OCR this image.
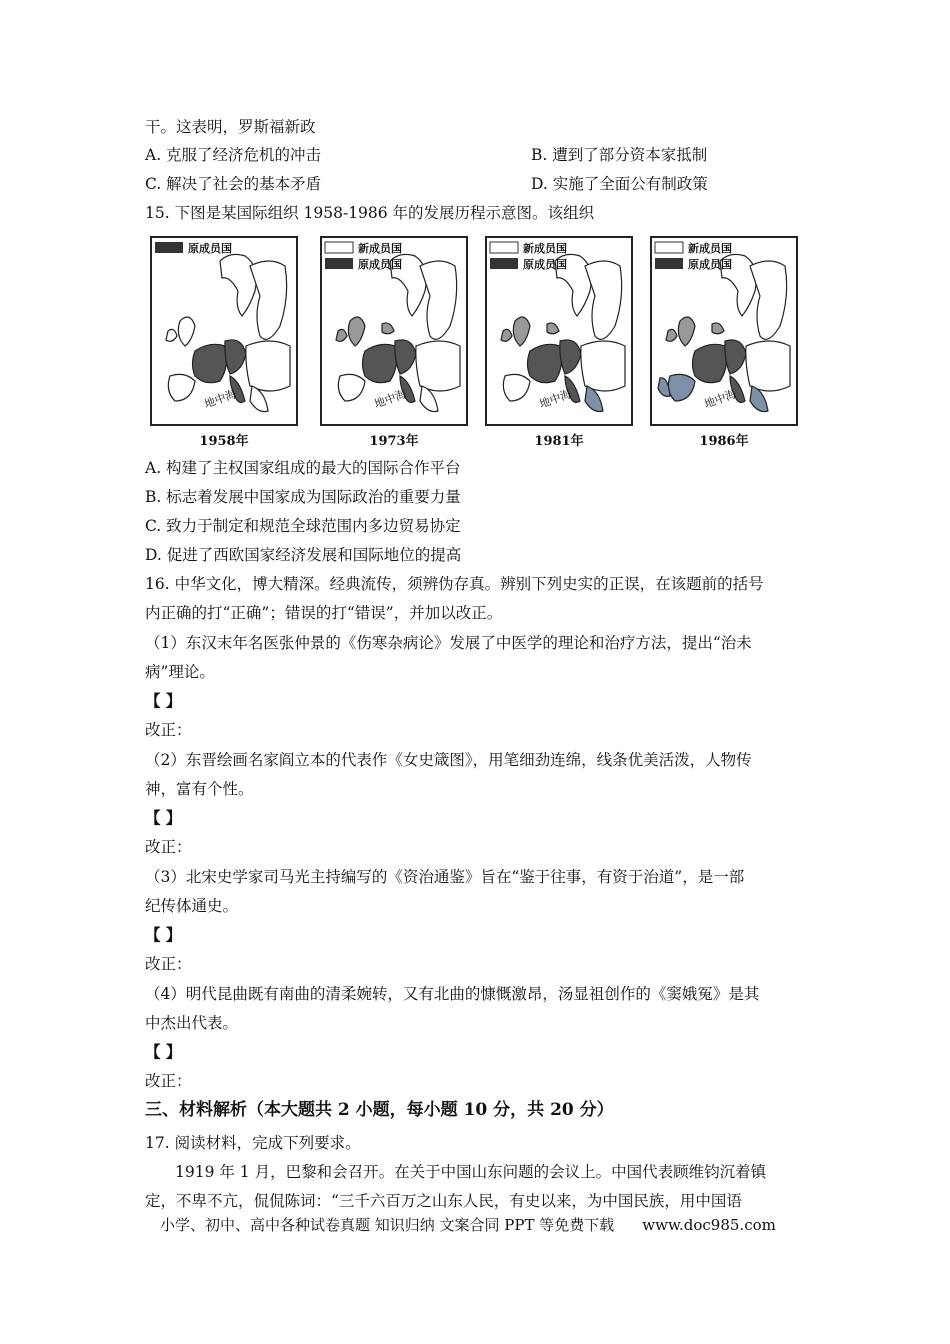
干。这表明，罗斯福新政
A. 克服了经济危机的冲击	B. 遭到了部分资本家抵制
C. 解决了社会的基本矛盾	D. 实施了全面公有制政策
15. 下图是某国际组织 1958-1986 年的发展历程示意图。该组织
原成员国
地中海
1958年
新成员国
原成员国
地中海
1973年
新成员国
原成员国
地中海
1981年
新成员国
原成员国
地中海
1986年
A. 构建了主权国家组成的最大的国际合作平台
B. 标志着发展中国家成为国际政治的重要力量
C. 致力于制定和规范全球范围内多边贸易协定
D. 促进了西欧国家经济发展和国际地位的提高
16. 中华文化，博大精深。经典流传，须辨伪存真。辨别下列史实的正误，在该题前的括号
内正确的打“正确”；错误的打“错误”，并加以改正。
（1）东汉末年名医张仲景的《伤寒杂病论》发展了中医学的理论和治疗方法，提出“治未
病”理论。
【 】
改正：
（2）东晋绘画名家阎立本的代表作《女史箴图》，用笔细劲连绵，线条优美活泼，人物传
神，富有个性。
【 】
改正：
（3）北宋史学家司马光主持编写的《资治通鉴》旨在“鉴于往事，有资于治道”，是一部
纪传体通史。
【 】
改正：
（4）明代昆曲既有南曲的清柔婉转，又有北曲的慷慨激昂，汤显祖创作的《窦娥冤》是其
中杰出代表。
【 】
改正：
三、材料解析（本大题共 2 小题，每小题 10 分，共 20 分）
17. 阅读材料，完成下列要求。
1919 年 1 月，巴黎和会召开。在关于中国山东问题的会议上。中国代表顾维钧沉着镇
定，不卑不亢，侃侃陈词：“三千六百万之山东人民，有史以来，为中国民族，用中国语
小学、初中、高中各种试卷真题 知识归纳 文案合同 PPT 等免费下载 www.doc985.com
